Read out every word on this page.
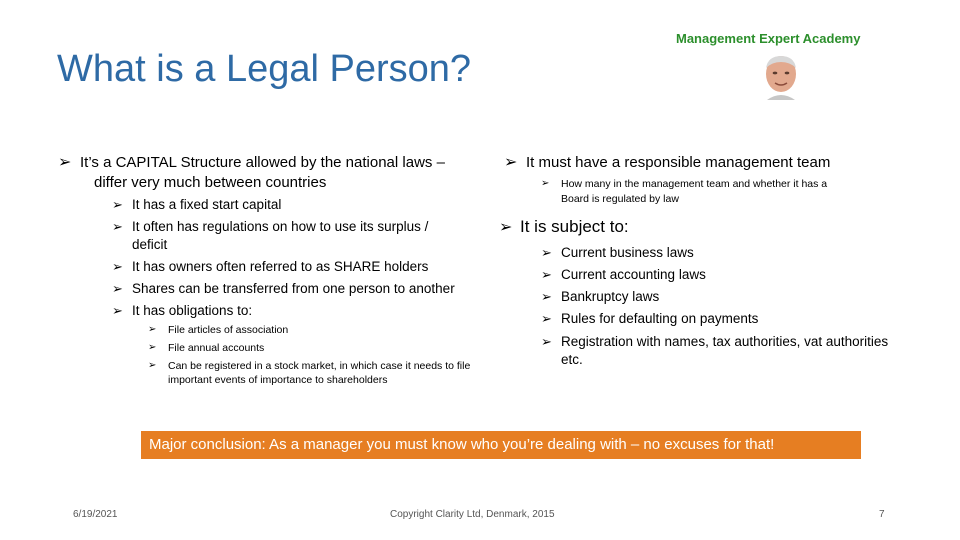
What is a Legal Person?
Management Expert Academy
➢ It’s a CAPITAL Structure allowed by the national laws –
differ very much between countries
➢ It has a fixed start capital
➢ It often has regulations on how to use its surplus /
deficit
➢ It has owners often referred to as SHARE holders
➢ Shares can be transferred from one person to another
➢ It has obligations to:
➢ File articles of association
➢ File annual accounts
➢ Can be registered in a stock market, in which case it needs to file
important events of importance to shareholders
➢ It must have a responsible management team
➢ How many in the management team and whether it has a
Board is regulated by law
➢ It is subject to:
➢ Current business laws
➢ Current accounting laws
➢ Bankruptcy laws
➢ Rules for defaulting on payments
➢ Registration with names, tax authorities, vat authorities
etc.
Major conclusion: As a manager you must know who you’re dealing with – no excuses for that!
6/19/2021	Copyright Clarity Ltd, Denmark, 2015	7
